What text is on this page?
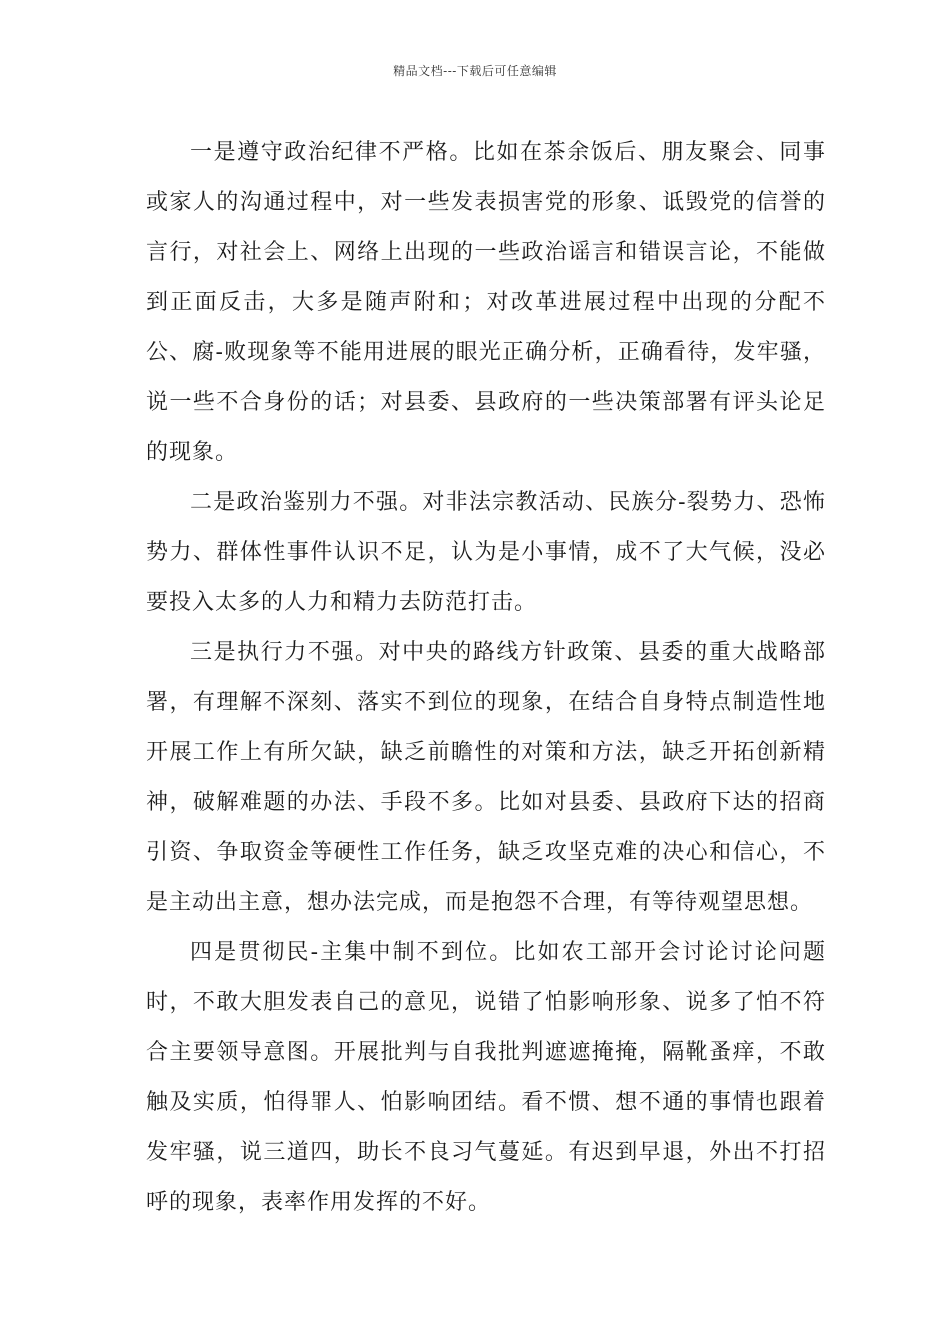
精品文档---下载后可任意编辑

一是遵守政治纪律不严格。比如在茶余饭后、朋友聚会、同事或家人的沟通过程中，对一些发表损害党的形象、诋毁党的信誉的言行，对社会上、网络上出现的一些政治谣言和错误言论，不能做到正面反击，大多是随声附和；对改革进展过程中出现的分配不公、腐-败现象等不能用进展的眼光正确分析，正确看待，发牢骚，说一些不合身份的话；对县委、县政府的一些决策部署有评头论足的现象。

二是政治鉴别力不强。对非法宗教活动、民族分-裂势力、恐怖势力、群体性事件认识不足，认为是小事情，成不了大气候，没必要投入太多的人力和精力去防范打击。

三是执行力不强。对中央的路线方针政策、县委的重大战略部署，有理解不深刻、落实不到位的现象，在结合自身特点制造性地开展工作上有所欠缺，缺乏前瞻性的对策和方法，缺乏开拓创新精神，破解难题的办法、手段不多。比如对县委、县政府下达的招商引资、争取资金等硬性工作任务，缺乏攻坚克难的决心和信心，不是主动出主意，想办法完成，而是抱怨不合理，有等待观望思想。

四是贯彻民-主集中制不到位。比如农工部开会讨论讨论问题时，不敢大胆发表自己的意见，说错了怕影响形象、说多了怕不符合主要领导意图。开展批判与自我批判遮遮掩掩，隔靴蚤痒，不敢触及实质，怕得罪人、怕影响团结。看不惯、想不通的事情也跟着发牢骚，说三道四，助长不良习气蔓延。有迟到早退，外出不打招呼的现象，表率作用发挥的不好。
